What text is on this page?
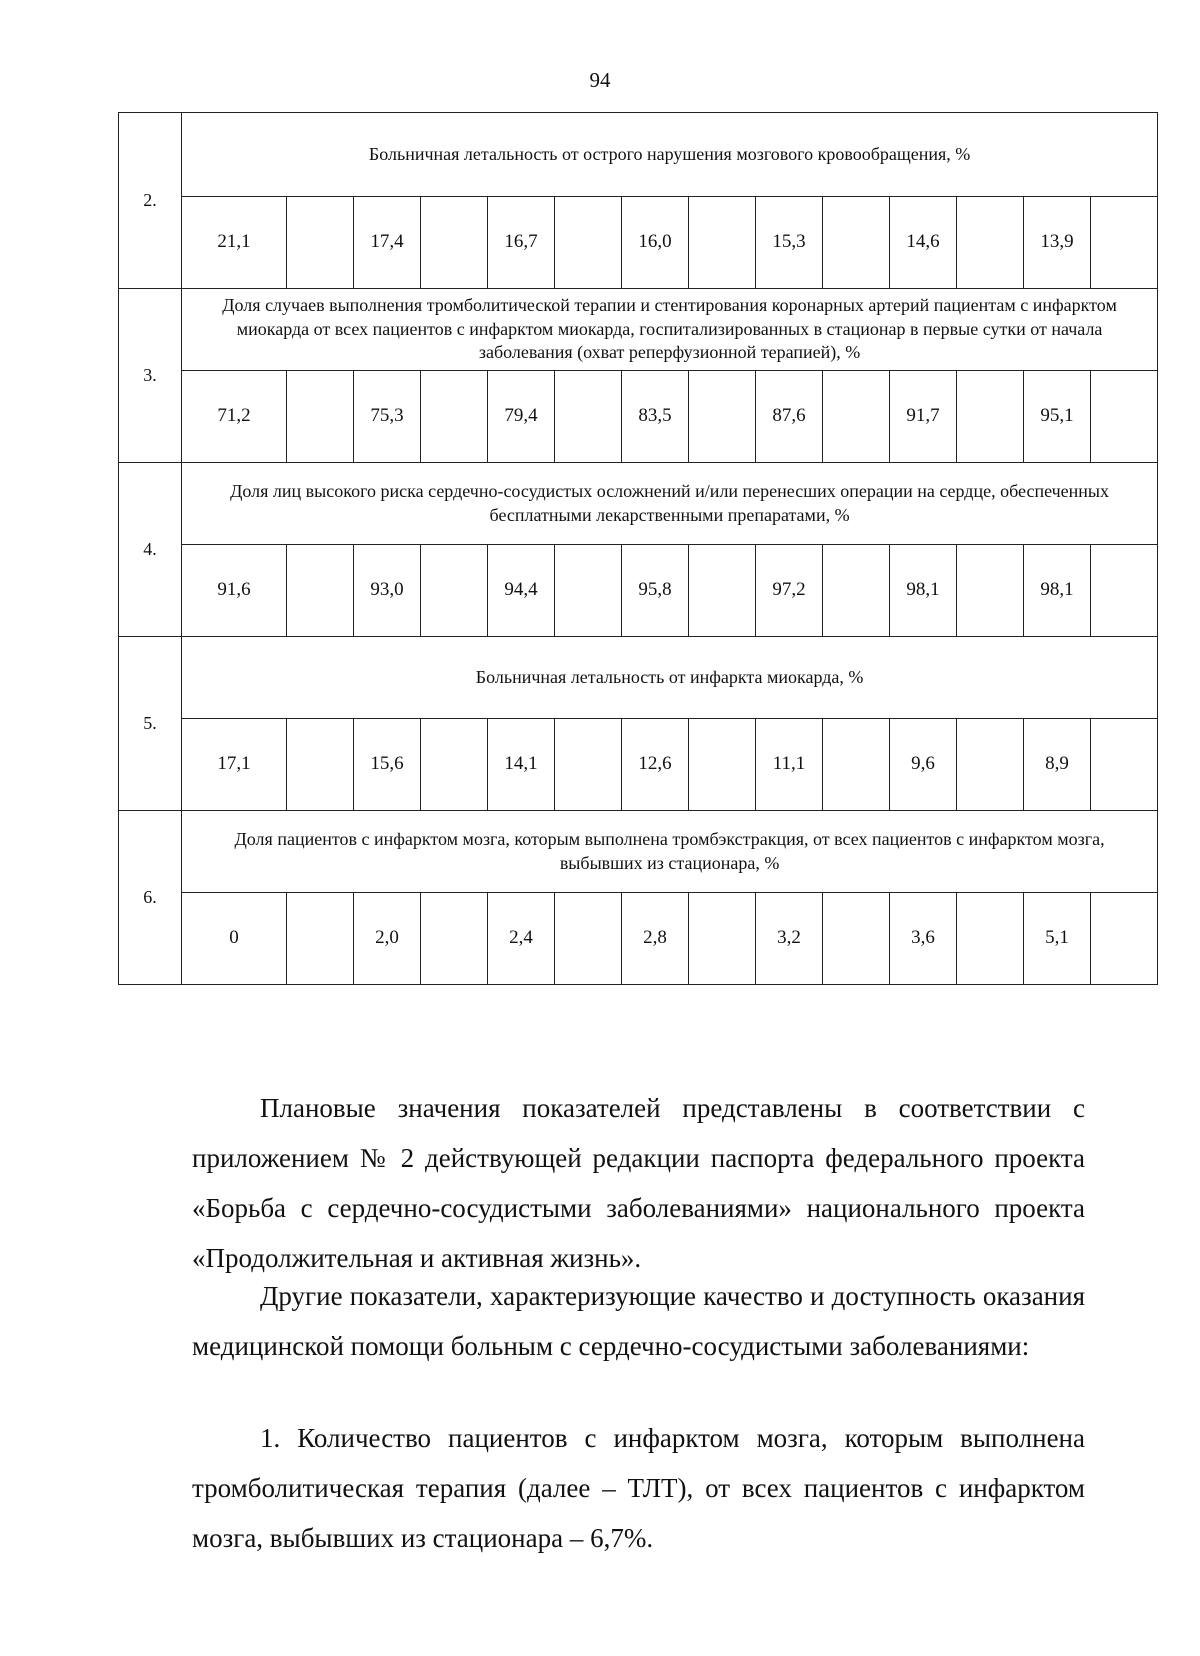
94
2.	Больничная летальность от острого нарушения мозгового кровообращения, %													
	21,1		17,4		16,7		16,0		15,3		14,6		13,9	
3.	Доля случаев выполнения тромболитической терапии и стентирования коронарных артерий пациентам с инфарктом миокарда от всех пациентов с инфарктом миокарда, госпитализированных в стационар в первые сутки от начала заболевания (охват реперфузионной терапией), %													
	71,2		75,3		79,4		83,5		87,6		91,7		95,1	
4.	Доля лиц высокого риска сердечно-сосудистых осложнений и/или перенесших операции на сердце, обеспеченных бесплатными лекарственными препаратами, %													
	91,6		93,0		94,4		95,8		97,2		98,1		98,1	
5.	Больничная летальность от инфаркта миокарда, %													
	17,1		15,6		14,1		12,6		11,1		9,6		8,9	
6.	Доля пациентов с инфарктом мозга, которым выполнена тромбэкстракция, от всех пациентов с инфарктом мозга, выбывших из стационара, %													
	0		2,0		2,4		2,8		3,2		3,6		5,1	

Плановые значения показателей представлены в соответствии с приложением № 2 действующей редакции паспорта федерального проекта «Борьба с сердечно-сосудистыми заболеваниями» национального проекта «Продолжительная и активная жизнь».

Другие показатели, характеризующие качество и доступность оказания медицинской помощи больным с сердечно-сосудистыми заболеваниями:

1. Количество пациентов с инфарктом мозга, которым выполнена тромболитическая терапия (далее – ТЛТ), от всех пациентов с инфарктом мозга, выбывших из стационара – 6,7%.
